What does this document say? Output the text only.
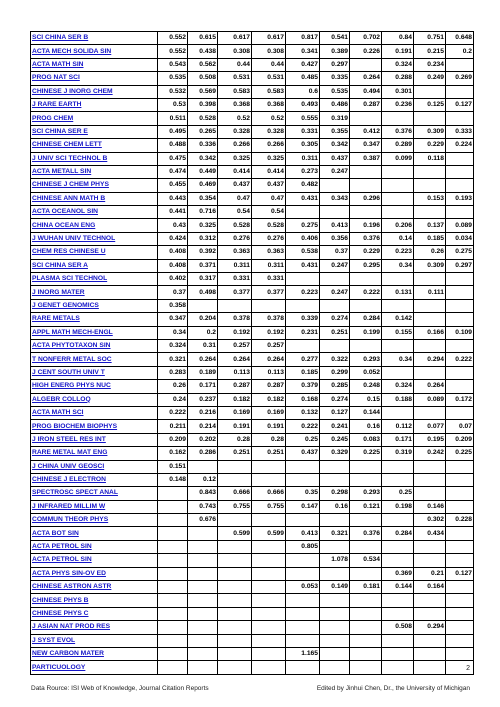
SCI CHINA SER B	0.552	0.615	0.617	0.617	0.817	0.541	0.702	0.84	0.751	0.648
ACTA MECH SOLIDA SIN	0.552	0.438	0.308	0.308	0.341	0.389	0.226	0.191	0.215	0.2
ACTA MATH SIN	0.543	0.562	0.44	0.44	0.427	0.297		0.324	0.234	
PROG NAT SCI	0.535	0.508	0.531	0.531	0.485	0.335	0.264	0.288	0.249	0.269
CHINESE J INORG CHEM	0.532	0.569	0.583	0.583	0.6	0.535	0.494	0.301		
J RARE EARTH	0.53	0.398	0.368	0.368	0.493	0.486	0.287	0.236	0.125	0.127
PROG CHEM	0.511	0.528	0.52	0.52	0.555	0.319				
SCI CHINA SER E	0.495	0.265	0.328	0.328	0.331	0.355	0.412	0.376	0.309	0.333
CHINESE CHEM LETT	0.488	0.336	0.266	0.266	0.305	0.342	0.347	0.289	0.229	0.224
J UNIV SCI TECHNOL B	0.475	0.342	0.325	0.325	0.311	0.437	0.387	0.099	0.118	
ACTA METALL SIN	0.474	0.449	0.414	0.414	0.273	0.247				
CHINESE J CHEM PHYS	0.455	0.469	0.437	0.437	0.482					
CHINESE ANN MATH B	0.443	0.354	0.47	0.47	0.431	0.343	0.296		0.153	0.193
ACTA OCEANOL SIN	0.441	0.716	0.54	0.54						
CHINA OCEAN ENG	0.43	0.325	0.528	0.528	0.275	0.413	0.196	0.206	0.137	0.089
J WUHAN UNIV TECHNOL	0.424	0.312	0.276	0.276	0.406	0.356	0.376	0.14	0.185	0.034
CHEM RES CHINESE U	0.408	0.392	0.363	0.363	0.538	0.37	0.229	0.223	0.26	0.275
SCI CHINA SER A	0.408	0.371	0.311	0.311	0.431	0.247	0.295	0.34	0.309	0.297
PLASMA SCI TECHNOL	0.402	0.317	0.331	0.331						
J INORG MATER	0.37	0.498	0.377	0.377	0.223	0.247	0.222	0.131	0.111	
J GENET GENOMICS	0.358									
RARE METALS	0.347	0.204	0.378	0.378	0.339	0.274	0.284	0.142		
APPL MATH MECH-ENGL	0.34	0.2	0.192	0.192	0.231	0.251	0.199	0.155	0.166	0.109
ACTA PHYTOTAXON SIN	0.324	0.31	0.257	0.257						
T NONFERR METAL SOC	0.321	0.264	0.264	0.264	0.277	0.322	0.293	0.34	0.294	0.222
J CENT SOUTH UNIV T	0.283	0.189	0.113	0.113	0.185	0.299	0.052			
HIGH ENERG PHYS NUC	0.26	0.171	0.287	0.287	0.379	0.285	0.248	0.324	0.264	
ALGEBR COLLOQ	0.24	0.237	0.182	0.182	0.168	0.274	0.15	0.188	0.089	0.172
ACTA MATH SCI	0.222	0.216	0.169	0.169	0.132	0.127	0.144			
PROG BIOCHEM BIOPHYS	0.211	0.214	0.191	0.191	0.222	0.241	0.16	0.112	0.077	0.07
J IRON STEEL RES INT	0.209	0.202	0.28	0.28	0.25	0.245	0.083	0.171	0.195	0.209
RARE METAL MAT ENG	0.162	0.286	0.251	0.251	0.437	0.329	0.225	0.319	0.242	0.225
J CHINA UNIV GEOSCI	0.151									
CHINESE J ELECTRON	0.148	0.12								
SPECTROSC SPECT ANAL		0.843	0.666	0.666	0.35	0.298	0.293	0.25		
J INFRARED MILLIM W		0.743	0.755	0.755	0.147	0.16	0.121	0.198	0.146	
COMMUN THEOR PHYS		0.676							0.302	0.228
ACTA BOT SIN			0.599	0.599	0.413	0.321	0.376	0.284	0.434	
ACTA PETROL SIN					0.805					
ACTA PETROL SIN						1.078	0.534			
ACTA PHYS SIN-OV ED								0.369	0.21	0.127
CHINESE ASTRON ASTR					0.053	0.149	0.181	0.144	0.164	
CHINESE PHYS B										
CHINESE PHYS C										
J ASIAN NAT PROD RES								0.508	0.294	
J SYST EVOL										
NEW CARBON MATER					1.165					
PARTICUOLOGY											2
Data Rource: ISI Web of Knowledge, Journal Citation Reports	Edited by Jinhui Chen, Dr., the University of Michigan
